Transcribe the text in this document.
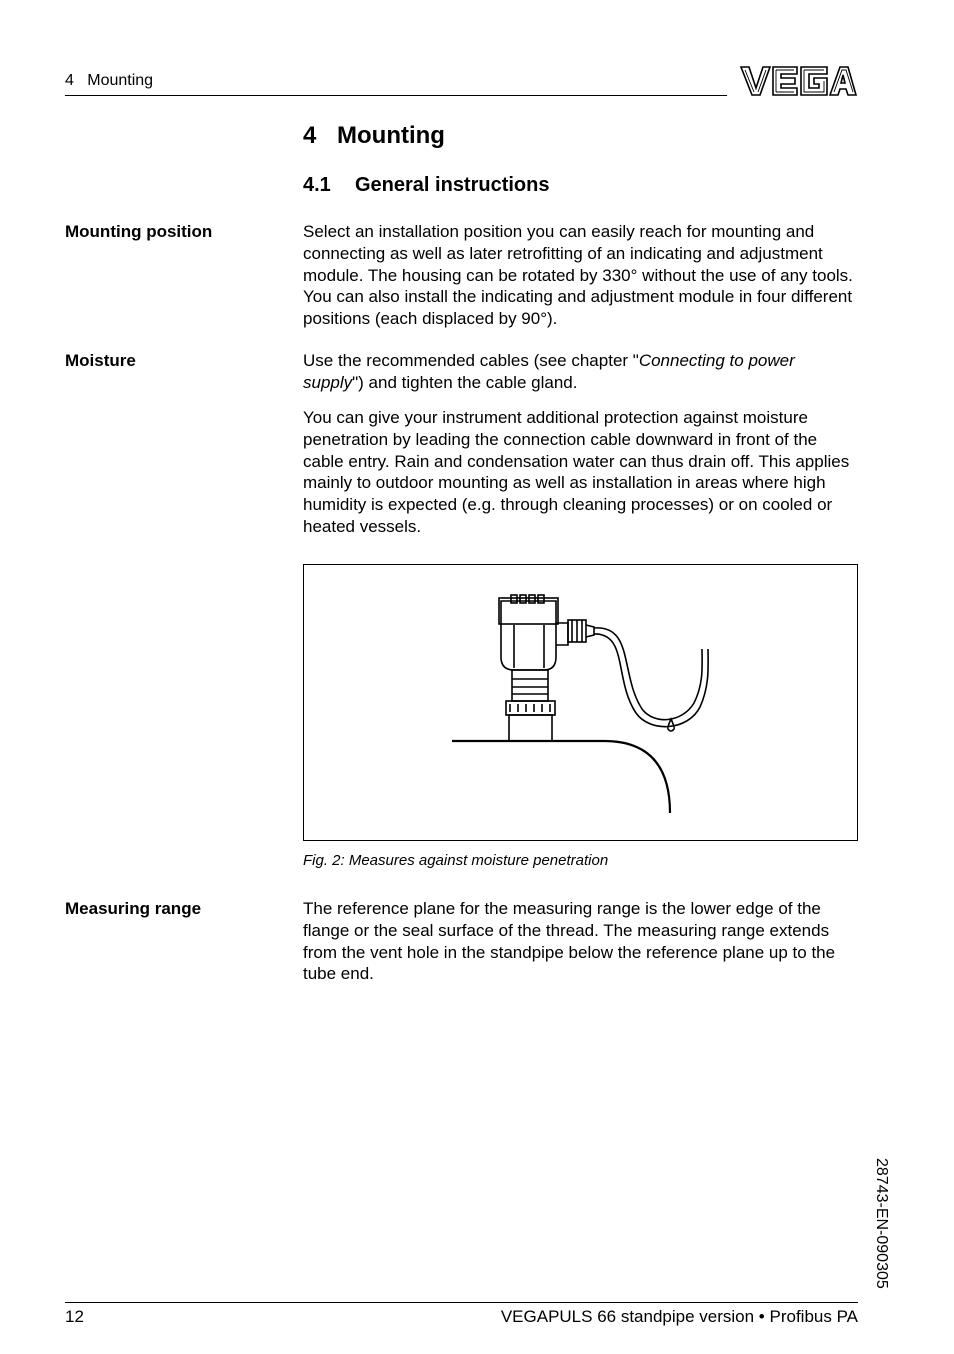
4   Mounting
4 Mounting
4.1 General instructions
Mounting position	Select an installation position you can easily reach for mounting and connecting as well as later retrofitting of an indicating and adjustment module. The housing can be rotated by 330° without the use of any tools. You can also install the indicating and adjustment module in four different positions (each displaced by 90°).

Moisture	Use the recommended cables (see chapter "Connecting to power supply") and tighten the cable gland.

You can give your instrument additional protection against moisture penetration by leading the connection cable downward in front of the cable entry. Rain and condensation water can thus drain off. This applies mainly to outdoor mounting as well as installation in areas where high humidity is expected (e.g. through cleaning processes) or on cooled or heated vessels.

Fig. 2: Measures against moisture penetration
Measuring range	The reference plane for the measuring range is the lower edge of the flange or the seal surface of the thread. The measuring range extends from the vent hole in the standpipe below the reference plane up to the tube end.

28743-EN-090305
12	VEGAPULS 66 standpipe version • Profibus PA
